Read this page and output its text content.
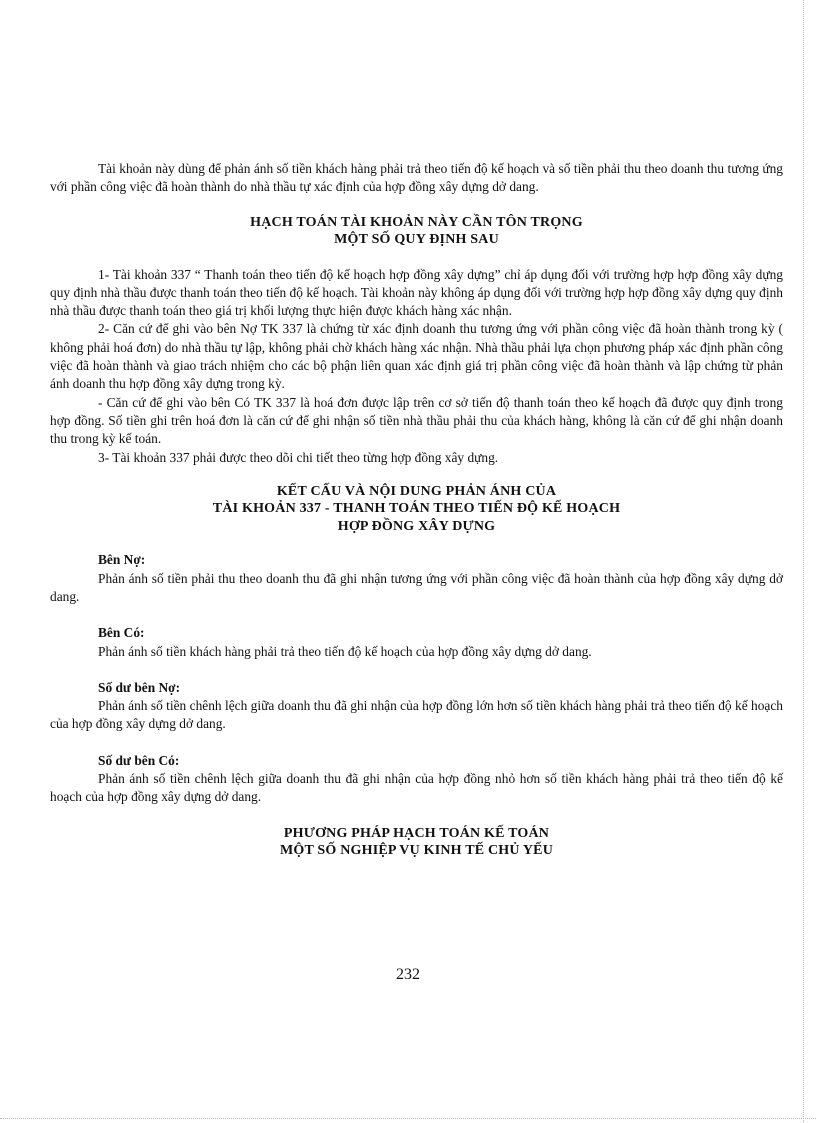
Tài khoản này dùng để phản ánh số tiền khách hàng phải trả theo tiến độ kế hoạch và số tiền phải thu theo doanh thu tương ứng với phần công việc đã hoàn thành do nhà thầu tự xác định của hợp đồng xây dựng dở dang.

HẠCH TOÁN TÀI KHOẢN NÀY CẦN TÔN TRỌNG
MỘT SỐ QUY ĐỊNH SAU

1- Tài khoản 337 “ Thanh toán theo tiến độ kế hoạch hợp đồng xây dựng” chỉ áp dụng đối với trường hợp hợp đồng xây dựng quy định nhà thầu được thanh toán theo tiến độ kế hoạch. Tài khoản này không áp dụng đối với trường hợp hợp đồng xây dựng quy định nhà thầu được thanh toán theo giá trị khối lượng thực hiện được khách hàng xác nhận.

2- Căn cứ để ghi vào bên Nợ TK 337 là chứng từ xác định doanh thu tương ứng với phần công việc đã hoàn thành trong kỳ ( không phải hoá đơn) do nhà thầu tự lập, không phải chờ khách hàng xác nhận. Nhà thầu phải lựa chọn phương pháp xác định phần công việc đã hoàn thành và giao trách nhiệm cho các bộ phận liên quan xác định giá trị phần công việc đã hoàn thành và lập chứng từ phản ánh doanh thu hợp đồng xây dựng trong kỳ.

- Căn cứ để ghi vào bên Có TK 337 là hoá đơn được lập trên cơ sở tiến độ thanh toán theo kế hoạch đã được quy định trong hợp đồng. Số tiền ghi trên hoá đơn là căn cứ để ghi nhận số tiền nhà thầu phải thu của khách hàng, không là căn cứ để ghi nhận doanh thu trong kỳ kế toán.

3- Tài khoản 337 phải được theo dõi chi tiết theo từng hợp đồng xây dựng.

KẾT CẤU VÀ NỘI DUNG PHẢN ÁNH CỦA
TÀI KHOẢN 337 - THANH TOÁN THEO TIẾN ĐỘ KẾ HOẠCH
HỢP ĐỒNG XÂY DỰNG
Bên Nợ:

Phản ánh số tiền phải thu theo doanh thu đã ghi nhận tương ứng với phần công việc đã hoàn thành của hợp đồng xây dựng dở dang.

Bên Có:

Phản ánh số tiền khách hàng phải trả theo tiến độ kế hoạch của hợp đồng xây dựng dở dang.

Số dư bên Nợ:

Phản ánh số tiền chênh lệch giữa doanh thu đã ghi nhận của hợp đồng lớn hơn số tiền khách hàng phải trả theo tiến độ kế hoạch của hợp đồng xây dựng dở dang.

Số dư bên Có:

Phản ánh số tiền chênh lệch giữa doanh thu đã ghi nhận của hợp đồng nhỏ hơn số tiền khách hàng phải trả theo tiến độ kế hoạch của hợp đồng xây dựng dở dang.

PHƯƠNG PHÁP HẠCH TOÁN KẾ TOÁN
MỘT SỐ NGHIỆP VỤ KINH TẾ CHỦ YẾU
232
